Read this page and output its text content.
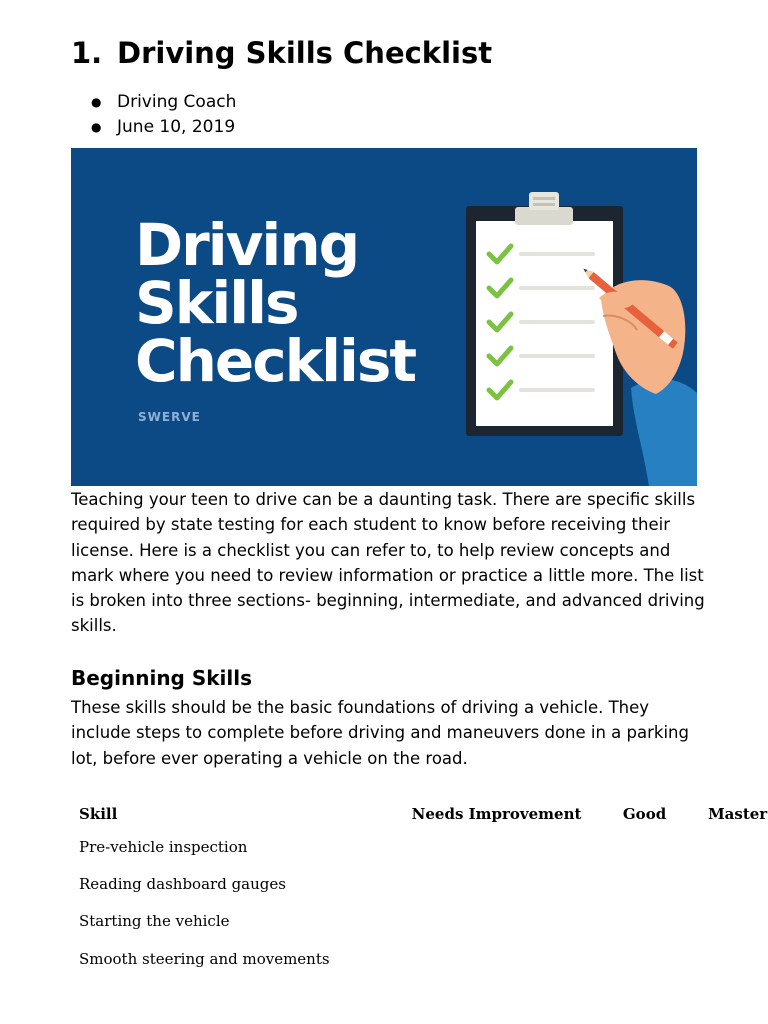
1. Driving Skills Checklist
● Driving Coach
● June 10, 2019
Driving
Skills
Checklist
SWERVE

Teaching your teen to drive can be a daunting task. There are specific skills required by state testing for each student to know before receiving their license. Here is a checklist you can refer to, to help review concepts and mark where you need to review information or practice a little more. The list is broken into three sections- beginning, intermediate, and advanced driving skills.

Beginning Skills

These skills should be the basic foundations of driving a vehicle. They include steps to complete before driving and maneuvers done in a parking lot, before ever operating a vehicle on the road.

Skill	Needs Improvement	Good	Master
Pre-vehicle inspection			
Reading dashboard gauges			
Starting the vehicle			
Smooth steering and movements			
